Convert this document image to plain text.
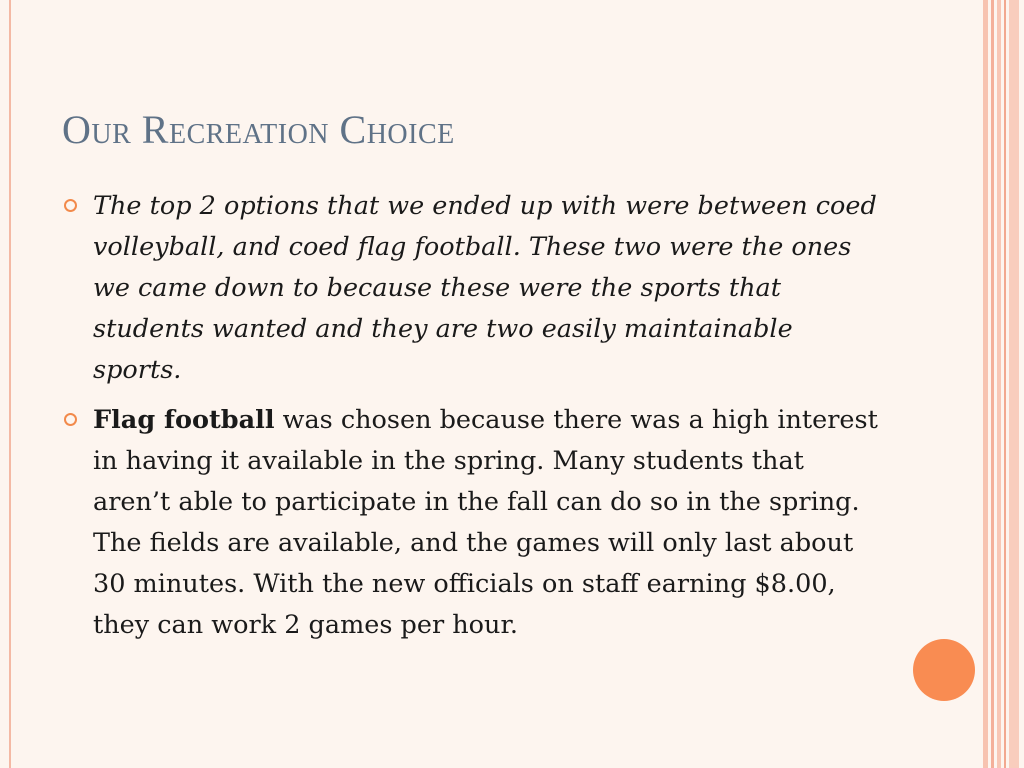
Our Recreation Choice

The top 2 options that we ended up with were between coed volleyball, and coed flag football. These two were the ones we came down to because these were the sports that students wanted and they are two easily maintainable sports.

Flag football was chosen because there was a high interest in having it available in the spring. Many students that aren’t able to participate in the fall can do so in the spring. The fields are available, and the games will only last about 30 minutes. With the new officials on staff earning $8.00, they can work 2 games per hour.
